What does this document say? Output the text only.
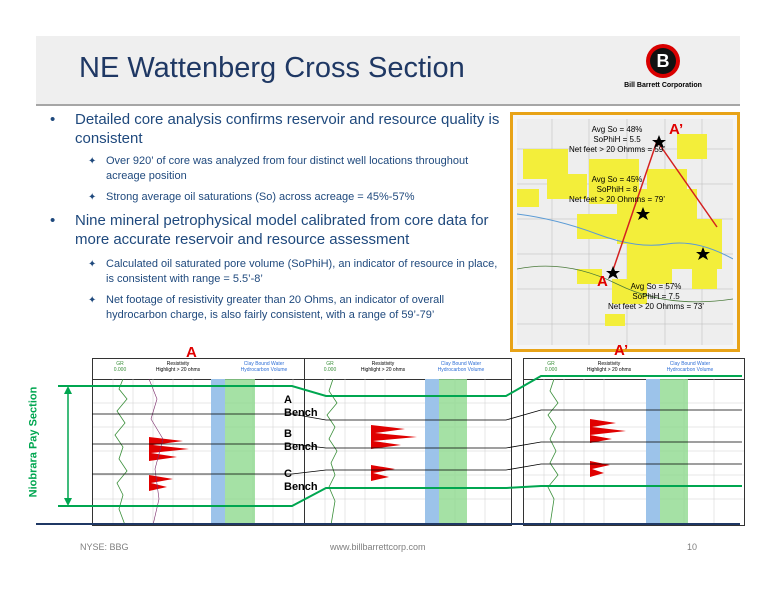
NE Wattenberg Cross Section	B
Bill Barrett Corporation
• Detailed core analysis confirms reservoir and resource quality is consistent
✦ Over 920’ of core was analyzed from four distinct well locations throughout acreage position
✦ Strong average oil saturations (So) across acreage = 45%-57%
• Nine mineral petrophysical model calibrated from core data for more accurate reservoir and resource assessment
✦ Calculated oil saturated pore volume (SoPhiH), an indicator of resource in place, is consistent with range = 5.5’-8’
✦ Net footage of resistivity greater than 20 Ohms, an indicator of overall hydrocarbon charge, is also fairly consistent, with a range of 59’-79’
Avg So = 48%
SoPhiH = 5.5
Net feet > 20 Ohmms = 59’
Avg So = 45%
SoPhiH = 8
Net feet > 20 Ohmms = 79’
Avg So = 57%
SoPhiH = 7.5
Net feet > 20 Ohmms = 73’
A’
A
GR
0.000
Resistivity
Highlight > 20 ohms
Clay Bound Water
Hydrocarbon Volume
GR
0.000
Resistivity
Highlight > 20 ohms
Clay Bound Water
Hydrocarbon Volume
GR
0.000
Resistivity
Highlight > 20 ohms
Clay Bound Water
Hydrocarbon Volume
A	A’
A Bench
B Bench
C Bench
Niobrara Pay Section
NYSE: BBG	www.billbarrettcorp.com	10
